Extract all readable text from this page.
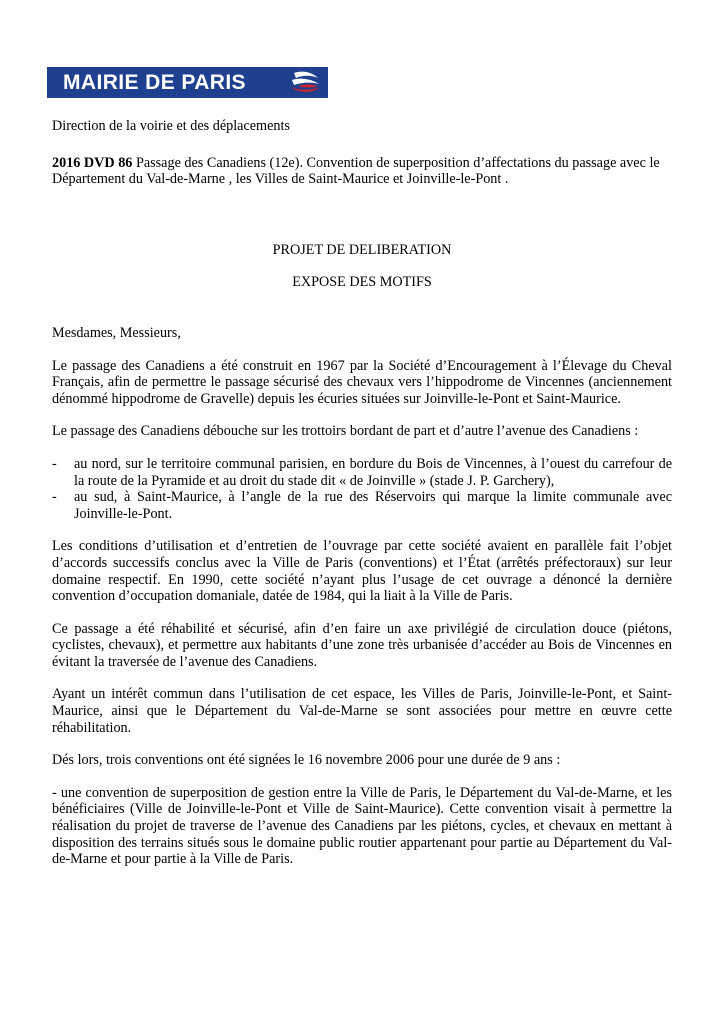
MAIRIE DE PARIS

Direction de la voirie et des déplacements

2016 DVD 86 Passage des Canadiens (12e). Convention de superposition d’affectations du passage avec le Département du Val-de-Marne , les Villes de Saint-Maurice et Joinville-le-Pont .

PROJET DE DELIBERATION

EXPOSE DES MOTIFS

Mesdames, Messieurs,

Le passage des Canadiens a été construit en 1967 par la Société d’Encouragement à l’Élevage du Cheval Français, afin de permettre le passage sécurisé des chevaux vers l’hippodrome de Vincennes (anciennement dénommé hippodrome de Gravelle) depuis les écuries situées sur Joinville-le-Pont et Saint-Maurice.

Le passage des Canadiens débouche sur les trottoirs bordant de part et d’autre l’avenue des Canadiens :

- au nord, sur le territoire communal parisien, en bordure du Bois de Vincennes, à l’ouest du carrefour de la route de la Pyramide et au droit du stade dit « de Joinville » (stade J. P. Garchery),
- au sud, à Saint-Maurice, à l’angle de la rue des Réservoirs qui marque la limite communale avec Joinville-le-Pont.

Les conditions d’utilisation et d’entretien de l’ouvrage par cette société avaient en parallèle fait l’objet d’accords successifs conclus avec la Ville de Paris (conventions) et l’État (arrêtés préfectoraux) sur leur domaine respectif. En 1990, cette société n’ayant plus l’usage de cet ouvrage a dénoncé la dernière convention d’occupation domaniale, datée de 1984, qui la liait à la Ville de Paris.

Ce passage a été réhabilité et sécurisé, afin d’en faire un axe privilégié de circulation douce (piétons, cyclistes, chevaux), et permettre aux habitants d’une zone très urbanisée d’accéder au Bois de Vincennes en évitant la traversée de l’avenue des Canadiens.

Ayant un intérêt commun dans l’utilisation de cet espace, les Villes de Paris, Joinville-le-Pont, et Saint-Maurice, ainsi que le Département du Val-de-Marne se sont associées pour mettre en œuvre cette réhabilitation.

Dés lors, trois conventions ont été signées le 16 novembre 2006 pour une durée de 9 ans :

- une convention de superposition de gestion entre la Ville de Paris, le Département du Val-de-Marne, et les bénéficiaires (Ville de Joinville-le-Pont et Ville de Saint-Maurice). Cette convention visait à permettre la réalisation du projet de traverse de l’avenue des Canadiens par les piétons, cycles, et chevaux en mettant à disposition des terrains situés sous le domaine public routier appartenant pour partie au Département du Val-de-Marne et pour partie à la Ville de Paris.
